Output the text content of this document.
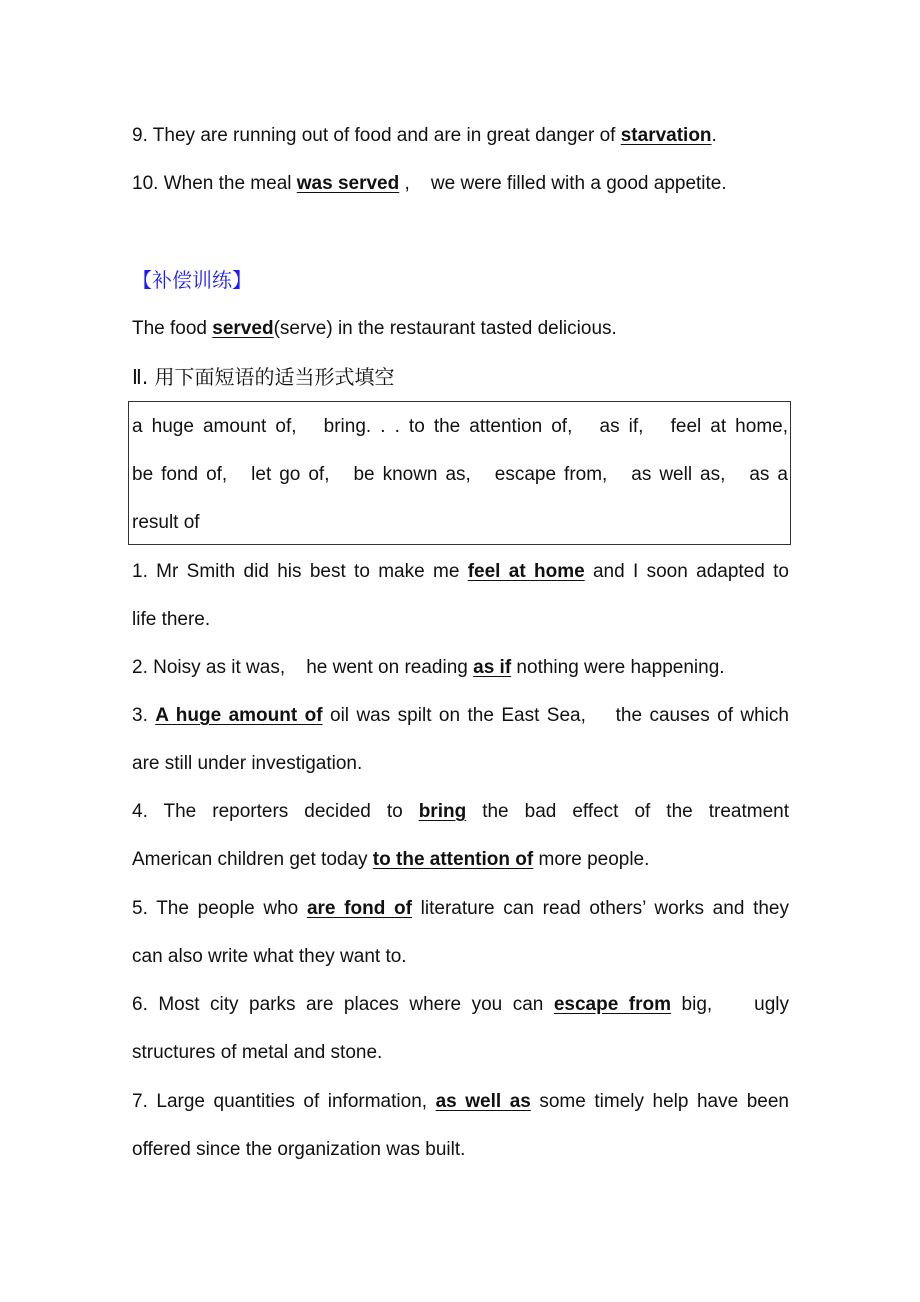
9. They are running out of food and are in great danger of starvation.
10. When the meal was served ,    we were filled with a good appetite.
【补偿训练】
The food served(serve) in the restaurant tasted delicious.
Ⅱ. 用下面短语的适当形式填空
a huge amount of,   bring. . . to the attention of,   as if,   feel at home,
be fond of,   let go of,   be known as,   escape from,   as well as,   as a
result of
1. Mr Smith did his best to make me feel at home and I soon adapted to
life there.
2. Noisy as it was,    he went on reading as if nothing were happening.
3. A huge amount of oil was spilt on the East Sea,    the causes of which
are still under investigation.
4. The reporters decided to bring the bad effect of the treatment
American children get today to the attention of more people.
5. The people who are fond of literature can read others’ works and they
can also write what they want to.
6. Most city parks are places where you can escape from big,    ugly
structures of metal and stone.
7. Large quantities of information, as well as some timely help have been
offered since the organization was built.
